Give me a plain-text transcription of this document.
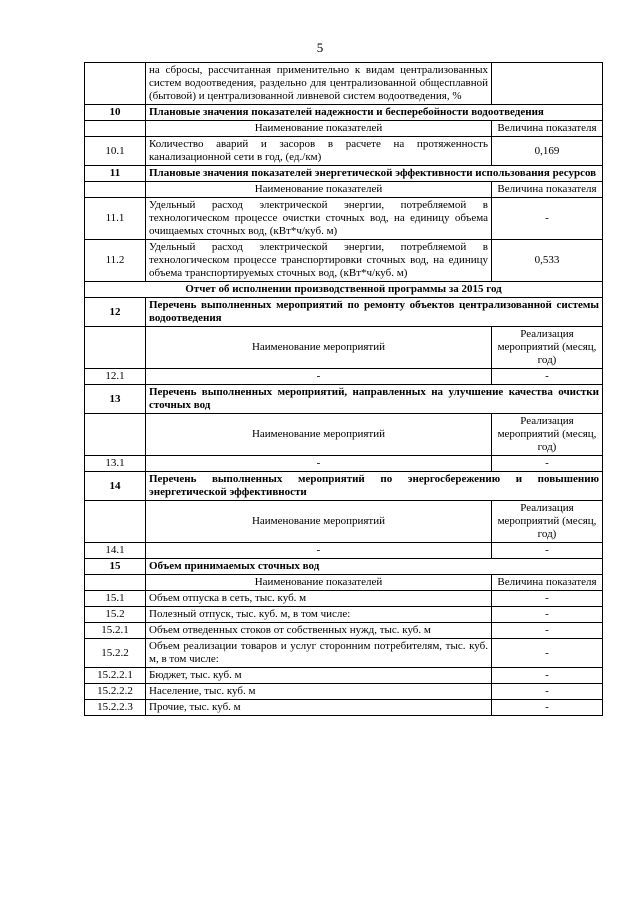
5
	на сбросы, рассчитанная применительно к видам централизованных систем водоотведения, раздельно для централизованной общесплавной (бытовой) и централизованной ливневой систем водоотведения, %	
10	Плановые значения показателей надежности и бесперебойности водоотведения	
	Наименование показателей	Величина показателя
10.1	Количество аварий и засоров в расчете на протяженность канализационной сети в год, (ед./км)	0,169
11	Плановые значения показателей энергетической эффективности использования ресурсов	
	Наименование показателей	Величина показателя
11.1	Удельный расход электрической энергии, потребляемой в технологическом процессе очистки сточных вод, на единицу объема очищаемых сточных вод, (кВт*ч/куб. м)	-
11.2	Удельный расход электрической энергии, потребляемой в технологическом процессе транспортировки сточных вод, на единицу объема транспортируемых сточных вод, (кВт*ч/куб. м)	0,533
Отчет об исполнении производственной программы за 2015 год		
12	Перечень выполненных мероприятий по ремонту объектов централизованной системы водоотведения	
	Наименование мероприятий	Реализация мероприятий (месяц, год)
12.1	-	-
13	Перечень выполненных мероприятий, направленных на улучшение качества очистки сточных вод	
	Наименование мероприятий	Реализация мероприятий (месяц, год)
13.1	-	-
14	Перечень выполненных мероприятий по энергосбережению и повышению энергетической эффективности	
	Наименование мероприятий	Реализация мероприятий (месяц, год)
14.1	-	-
15	Объем принимаемых сточных вод	
	Наименование показателей	Величина показателя
15.1	Объем отпуска в сеть, тыс. куб. м	-
15.2	Полезный отпуск, тыс. куб. м, в том числе:	-
15.2.1	Объем отведенных стоков от собственных нужд, тыс. куб. м	-
15.2.2	Объем реализации товаров и услуг сторонним потребителям, тыс. куб. м, в том числе:	-
15.2.2.1	Бюджет, тыс. куб. м	-
15.2.2.2	Население, тыс. куб. м	-
15.2.2.3	Прочие, тыс. куб. м	-
